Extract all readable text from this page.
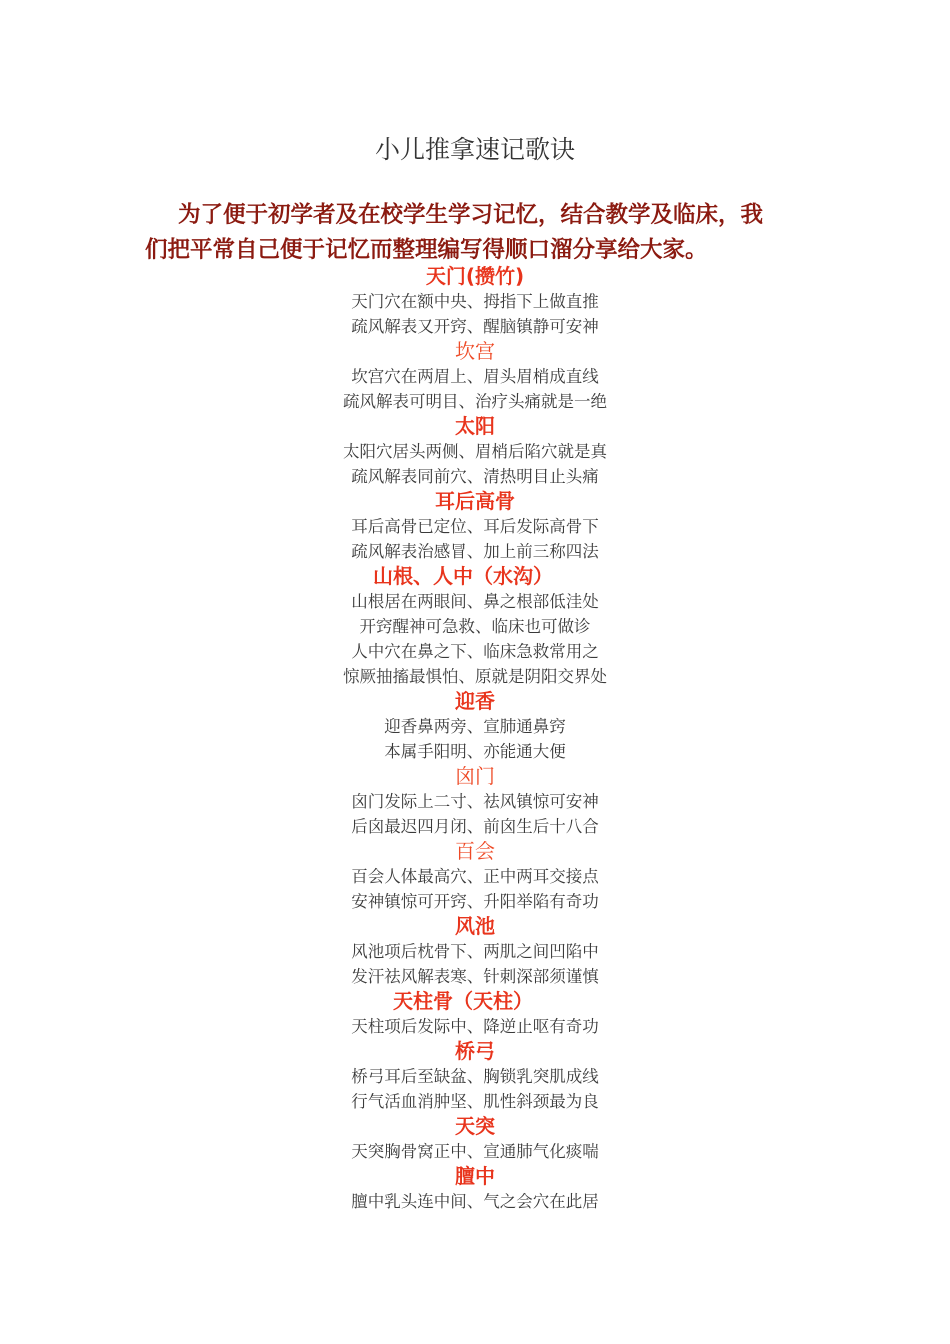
小儿推拿速记歌诀

为了便于初学者及在校学生学习记忆，结合教学及临床，我

们把平常自己便于记忆而整理编写得顺口溜分享给大家。

天门(攒竹)
天门穴在额中央、拇指下上做直推
疏风解表又开窍、醒脑镇静可安神
坎宫
坎宫穴在两眉上、眉头眉梢成直线
疏风解表可明目、治疗头痛就是一绝
太阳
太阳穴居头两侧、眉梢后陷穴就是真
疏风解表同前穴、清热明目止头痛
耳后高骨
耳后高骨已定位、耳后发际高骨下
疏风解表治感冒、加上前三称四法
山根、人中（水沟）
山根居在两眼间、鼻之根部低洼处
开窍醒神可急救、临床也可做诊
人中穴在鼻之下、临床急救常用之
惊厥抽搐最惧怕、原就是阴阳交界处
迎香
迎香鼻两旁、宣肺通鼻窍
本属手阳明、亦能通大便
囟门
囟门发际上二寸、祛风镇惊可安神
后囟最迟四月闭、前囟生后十八合
百会
百会人体最高穴、正中两耳交接点
安神镇惊可开窍、升阳举陷有奇功
风池
风池项后枕骨下、两肌之间凹陷中
发汗祛风解表寒、针刺深部须谨慎
天柱骨（天柱）
天柱项后发际中、降逆止呕有奇功
桥弓
桥弓耳后至缺盆、胸锁乳突肌成线
行气活血消肿坚、肌性斜颈最为良
天突
天突胸骨窝正中、宣通肺气化痰喘
膻中
膻中乳头连中间、气之会穴在此居
